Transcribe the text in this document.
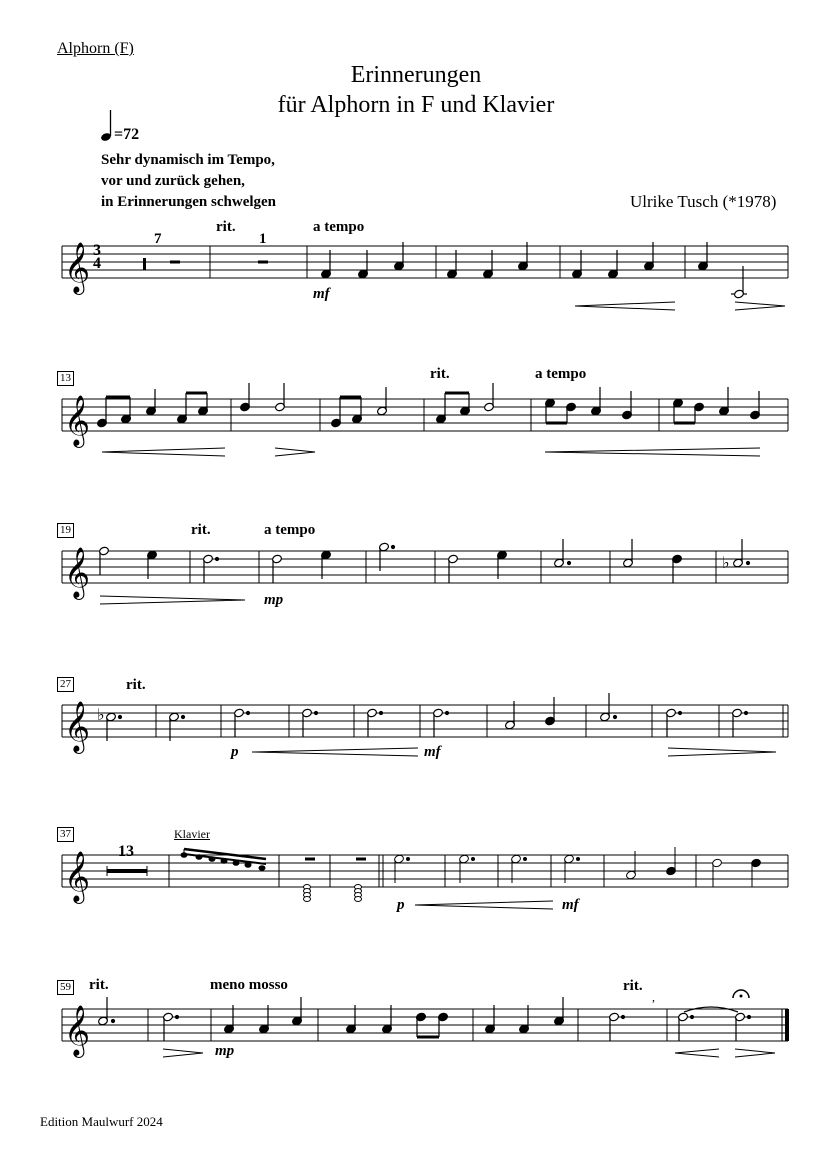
Alphorn (F)
Erinnerungen
für Alphorn in F und Klavier
=72
Sehr dynamisch im Tempo,
vor und zurück gehen,
in Erinnerungen schwelgen	Ulrike Tusch (*1978)
𝄞 3
4
7	1
rit.	a tempo
mf
13
𝄞
rit.	a tempo
19
𝄞	♭
rit.	a tempo
mp
27
𝄞 ♭
rit.
p	mf
37
𝄞 13
Klavier
p	mf
59
𝄞
,
rit.	meno mosso	rit.
mp
Edition Maulwurf 2024
